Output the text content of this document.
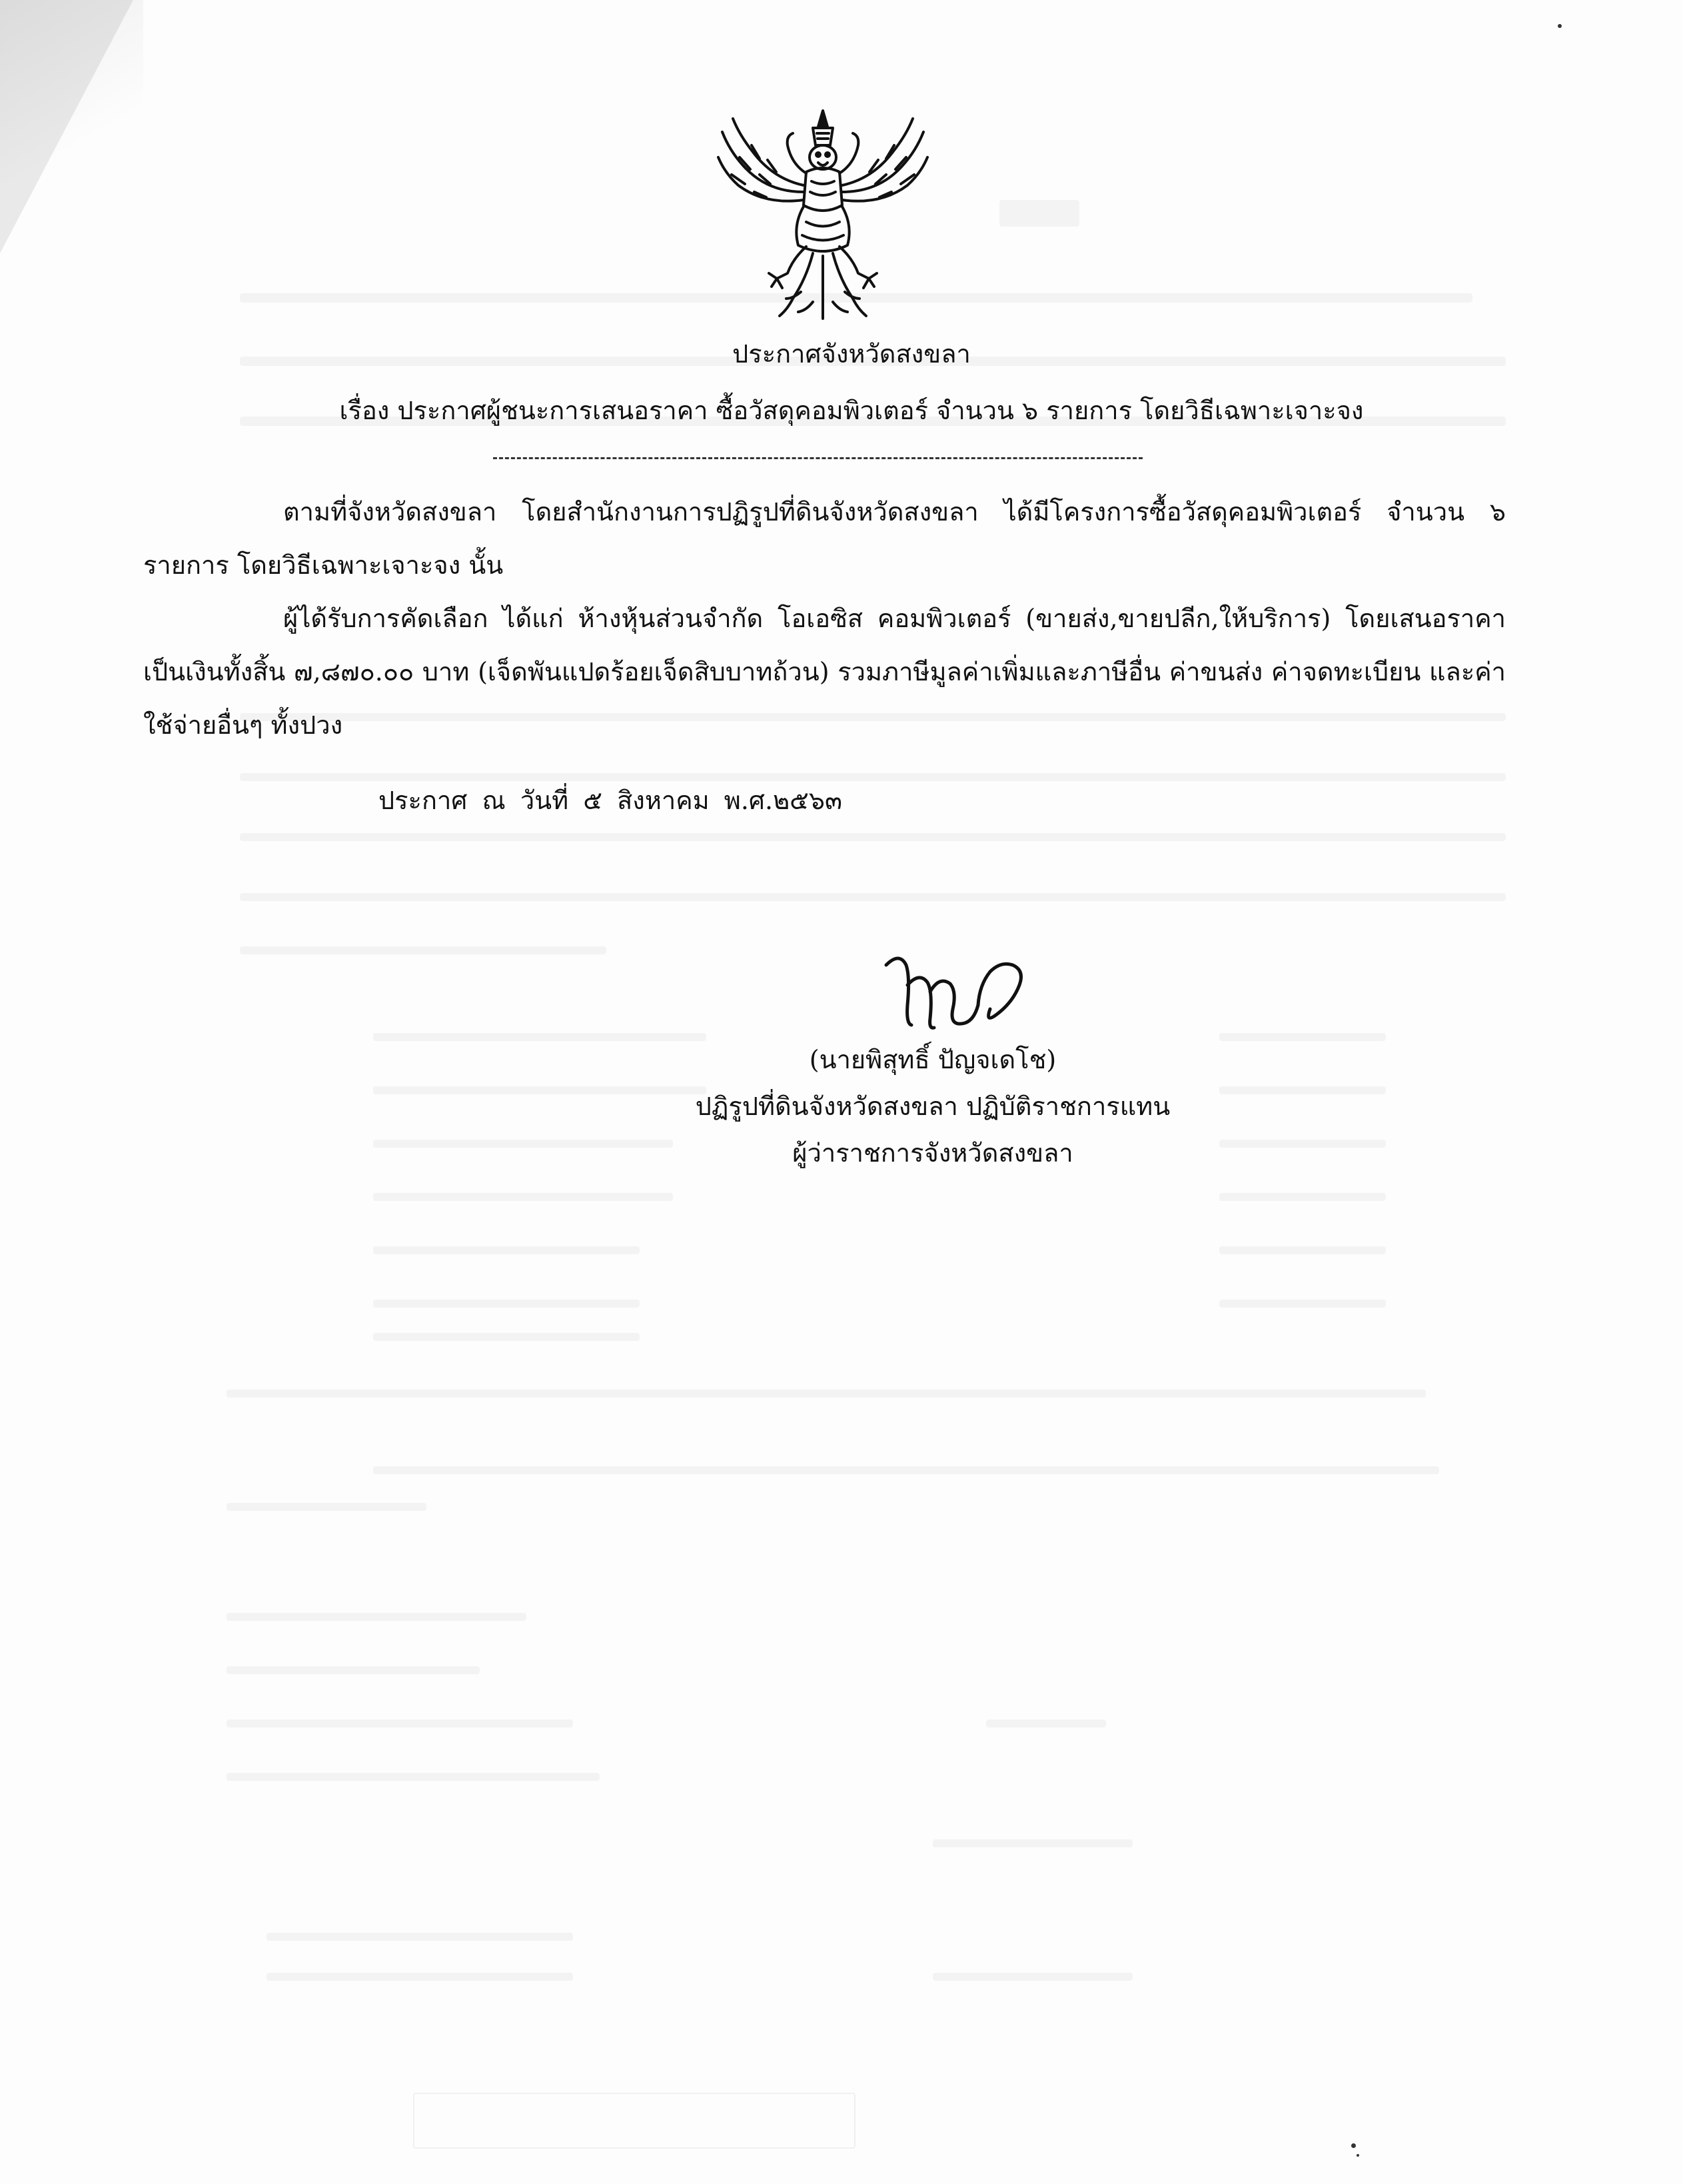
ประกาศจังหวัดสงขลา
เรื่อง ประกาศผู้ชนะการเสนอราคา ซื้อวัสดุคอมพิวเตอร์ จำนวน ๖ รายการ โดยวิธีเฉพาะเจาะจง
ตามที่จังหวัดสงขลา โดยสำนักงานการปฏิรูปที่ดินจังหวัดสงขลา ได้มีโครงการซื้อวัสดุคอมพิวเตอร์ จำนวน ๖ รายการ โดยวิธีเฉพาะเจาะจง นั้น
ผู้ได้รับการคัดเลือก ได้แก่ ห้างหุ้นส่วนจำกัด โอเอซิส คอมพิวเตอร์ (ขายส่ง,ขายปลีก,ให้บริการ) โดยเสนอราคา เป็นเงินทั้งสิ้น ๗,๘๗๐.๐๐ บาท (เจ็ดพันแปดร้อยเจ็ดสิบบาทถ้วน) รวมภาษีมูลค่าเพิ่มและภาษีอื่น ค่าขนส่ง ค่าจดทะเบียน และค่าใช้จ่ายอื่นๆ ทั้งปวง
ประกาศ ณ วันที่ ๕ สิงหาคม พ.ศ.๒๕๖๓
(นายพิสุทธิ์ ปัญจเดโช)
ปฏิรูปที่ดินจังหวัดสงขลา ปฏิบัติราชการแทน
ผู้ว่าราชการจังหวัดสงขลา
